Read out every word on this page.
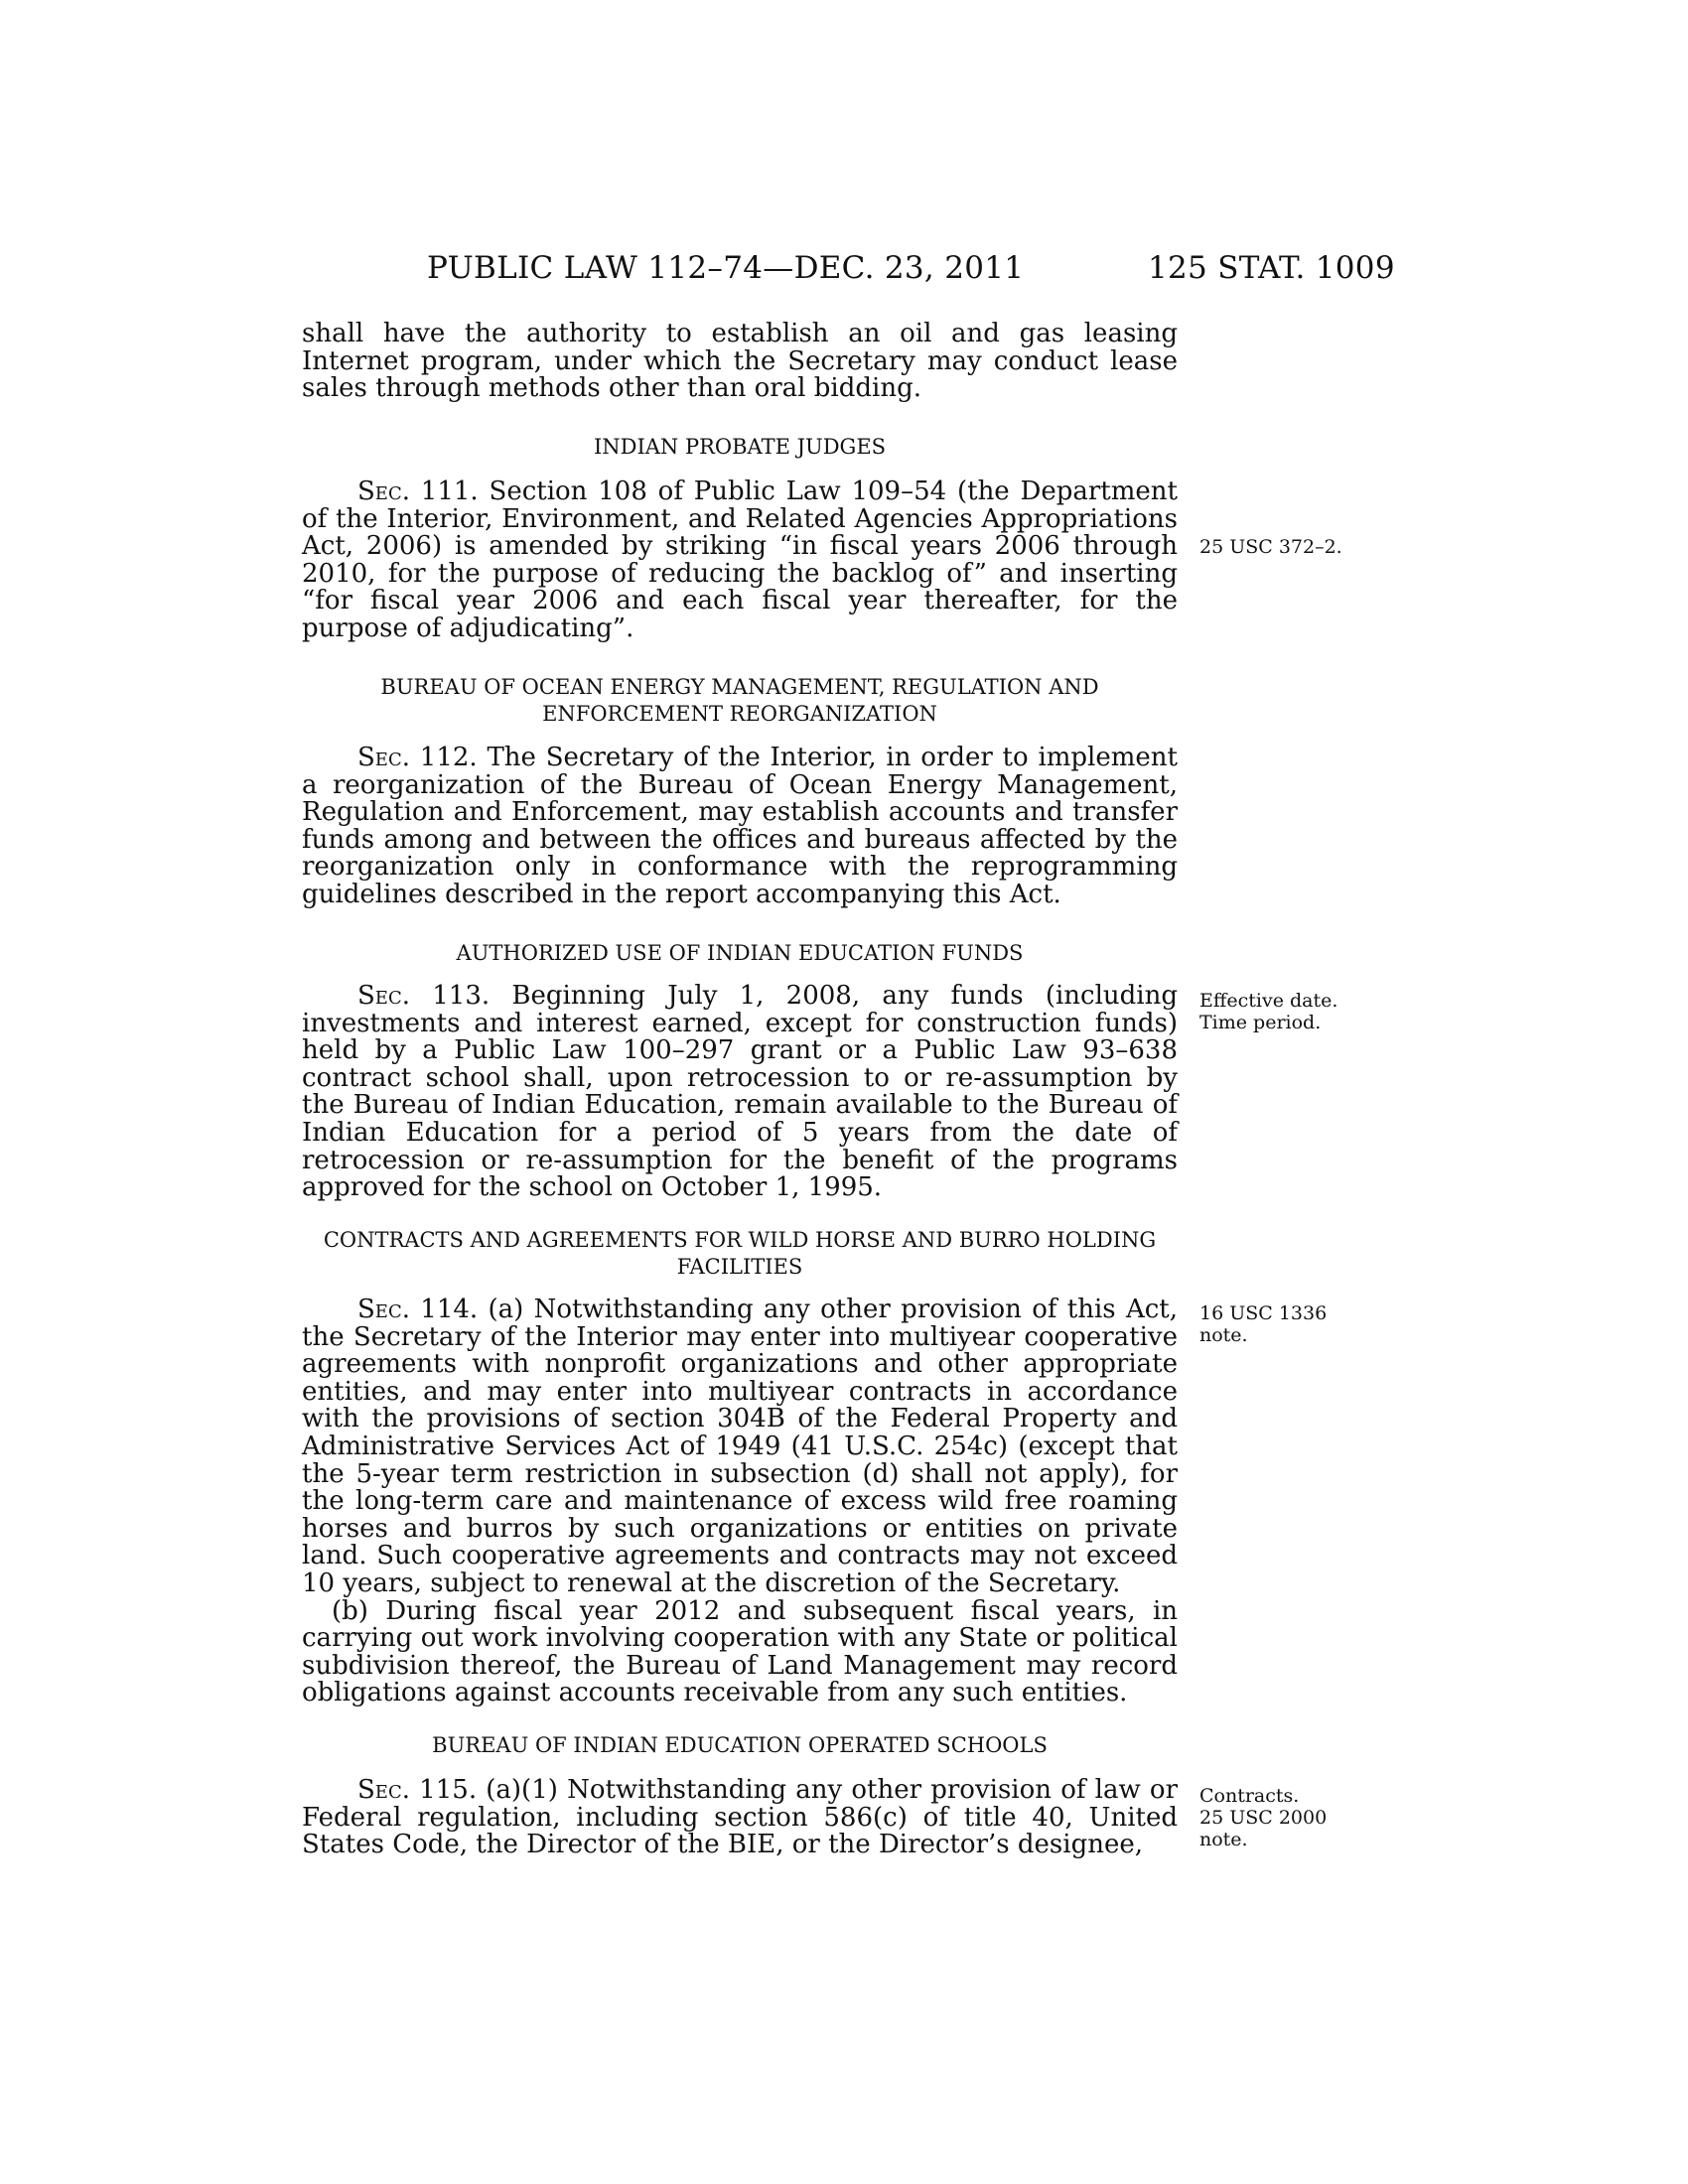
PUBLIC LAW 112–74—DEC. 23, 2011	125 STAT. 1009

shall have the authority to establish an oil and gas leasing Internet program, under which the Secretary may conduct lease sales through methods other than oral bidding.

INDIAN PROBATE JUDGES

Sec. 111. Section 108 of Public Law 109–54 (the Department of the Interior, Environment, and Related Agencies Appropriations Act, 2006) is amended by striking “in fiscal years 2006 through 2010, for the purpose of reducing the backlog of” and inserting “for fiscal year 2006 and each fiscal year thereafter, for the purpose of adjudicating”.

25 USC 372–2.
BUREAU OF OCEAN ENERGY MANAGEMENT, REGULATION AND ENFORCEMENT REORGANIZATION

Sec. 112. The Secretary of the Interior, in order to implement a reorganization of the Bureau of Ocean Energy Management, Regulation and Enforcement, may establish accounts and transfer funds among and between the offices and bureaus affected by the reorganization only in conformance with the reprogramming guidelines described in the report accompanying this Act.

AUTHORIZED USE OF INDIAN EDUCATION FUNDS

Sec. 113. Beginning July 1, 2008, any funds (including investments and interest earned, except for construction funds) held by a Public Law 100–297 grant or a Public Law 93–638 contract school shall, upon retrocession to or re-assumption by the Bureau of Indian Education, remain available to the Bureau of Indian Education for a period of 5 years from the date of retrocession or re-assumption for the benefit of the programs approved for the school on October 1, 1995.

Effective date.
Time period.
CONTRACTS AND AGREEMENTS FOR WILD HORSE AND BURRO HOLDING FACILITIES

Sec. 114. (a) Notwithstanding any other provision of this Act, the Secretary of the Interior may enter into multiyear cooperative agreements with nonprofit organizations and other appropriate entities, and may enter into multiyear contracts in accordance with the provisions of section 304B of the Federal Property and Administrative Services Act of 1949 (41 U.S.C. 254c) (except that the 5-year term restriction in subsection (d) shall not apply), for the long-term care and maintenance of excess wild free roaming horses and burros by such organizations or entities on private land. Such cooperative agreements and contracts may not exceed 10 years, subject to renewal at the discretion of the Secretary.

(b) During fiscal year 2012 and subsequent fiscal years, in carrying out work involving cooperation with any State or political subdivision thereof, the Bureau of Land Management may record obligations against accounts receivable from any such entities.

16 USC 1336
note.
BUREAU OF INDIAN EDUCATION OPERATED SCHOOLS

Sec. 115. (a)(1) Notwithstanding any other provision of law or Federal regulation, including section 586(c) of title 40, United States Code, the Director of the BIE, or the Director’s designee,

Contracts.
25 USC 2000
note.
